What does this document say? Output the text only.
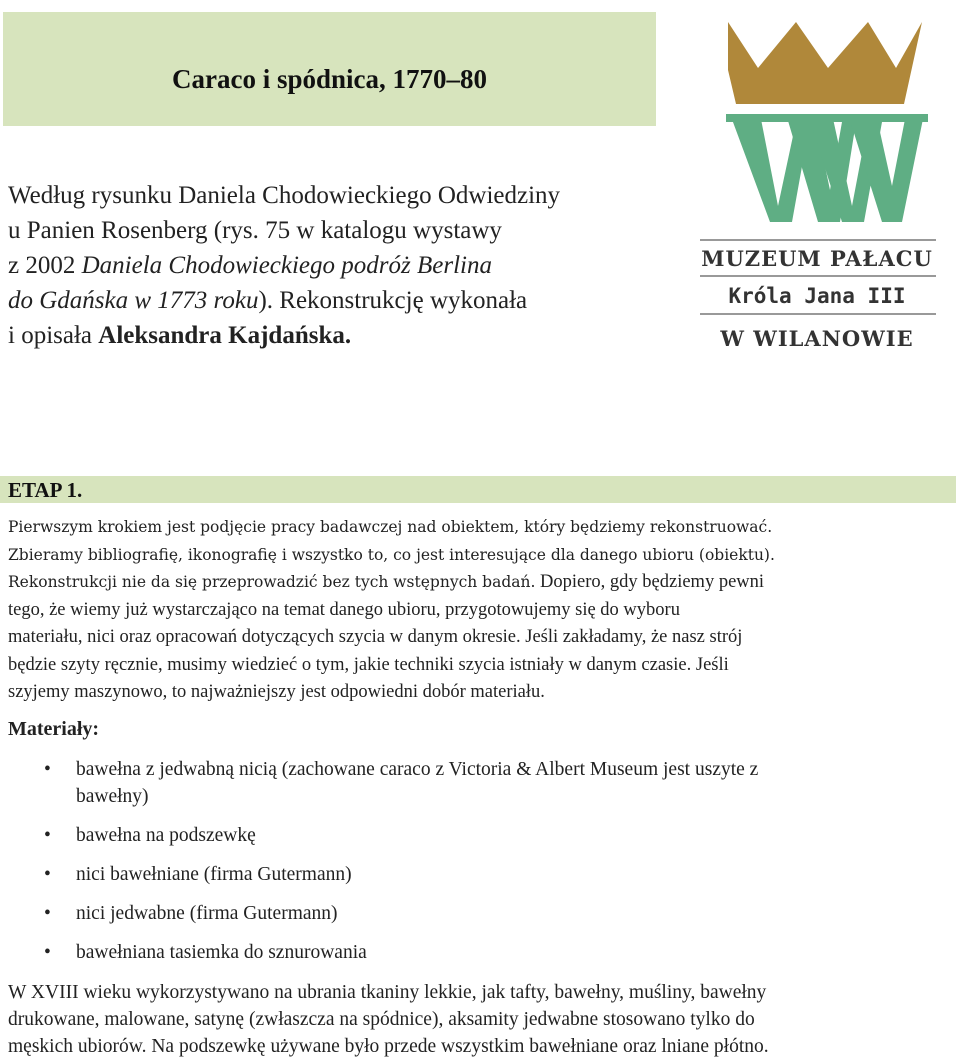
Caraco i spódnica, 1770–80
Według rysunku Daniela Chodowieckiego Odwiedziny
u Panien Rosenberg (rys. 75 w katalogu wystawy
z 2002 Daniela Chodowieckiego podróż Berlina
do Gdańska w 1773 roku). Rekonstrukcję wykonała
i opisała Aleksandra Kajdańska.
MUZEUM PAŁACU
Króla Jana III
W WILANOWIE
ETAP 1.
Pierwszym krokiem jest podjęcie pracy badawczej nad obiektem, który będziemy rekonstruować.
Zbieramy bibliografię, ikonografię i wszystko to, co jest interesujące dla danego ubioru (obiektu).
Rekonstrukcji nie da się przeprowadzić bez tych wstępnych badań. Dopiero, gdy będziemy pewni
tego, że wiemy już wystarczająco na temat danego ubioru, przygotowujemy się do wyboru
materiału, nici oraz opracowań dotyczących szycia w danym okresie. Jeśli zakładamy, że nasz strój
będzie szyty ręcznie, musimy wiedzieć o tym, jakie techniki szycia istniały w danym czasie. Jeśli
szyjemy maszynowo, to najważniejszy jest odpowiedni dobór materiału.
Materiały:
• bawełna z jedwabną nicią (zachowane caraco z Victoria & Albert Museum jest uszyte z
bawełny)
• bawełna na podszewkę
• nici bawełniane (firma Gutermann)
• nici jedwabne (firma Gutermann)
• bawełniana tasiemka do sznurowania
W XVIII wieku wykorzystywano na ubrania tkaniny lekkie, jak tafty, bawełny, muśliny, bawełny
drukowane, malowane, satynę (zwłaszcza na spódnice), aksamity jedwabne stosowano tylko do
męskich ubiorów. Na podszewkę używane było przede wszystkim bawełniane oraz lniane płótno.
